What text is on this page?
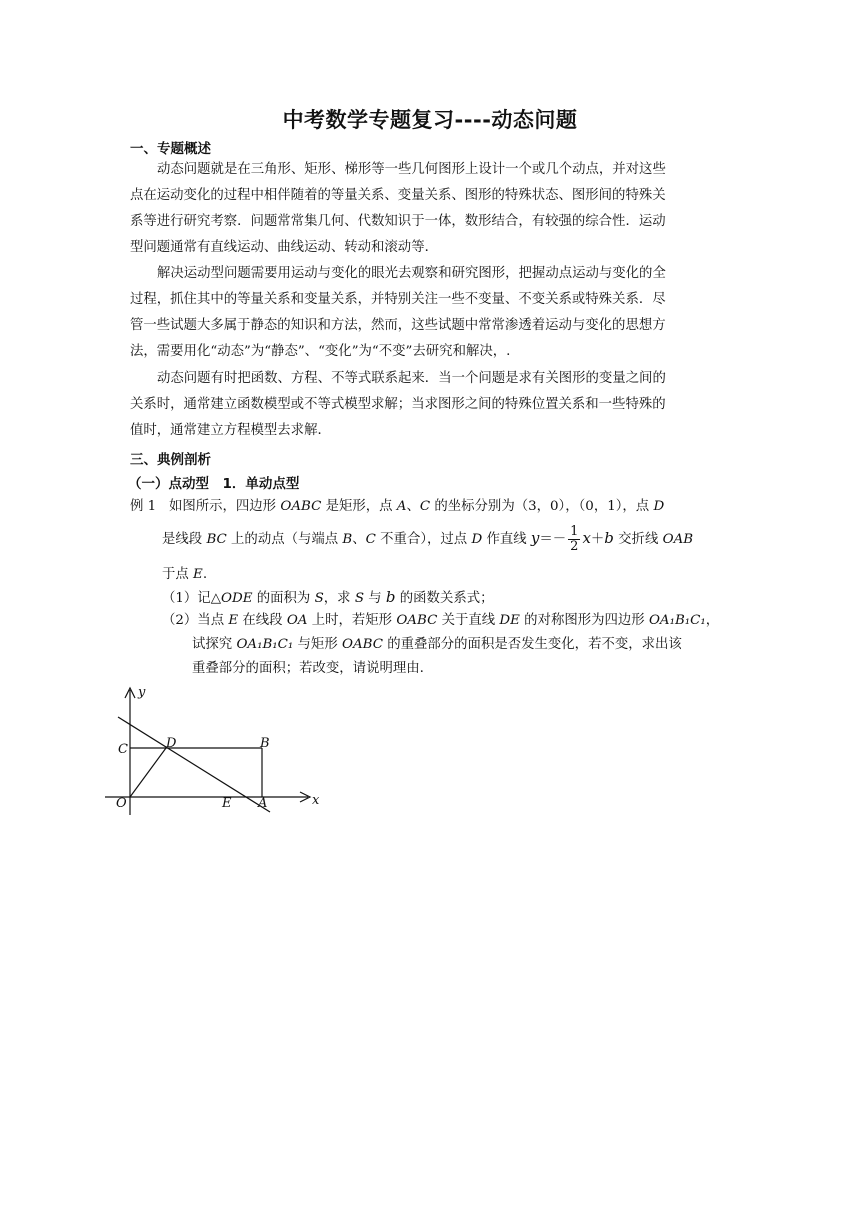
中考数学专题复习----动态问题
一、专题概述
动态问题就是在三角形、矩形、梯形等一些几何图形上设计一个或几个动点，并对这些
点在运动变化的过程中相伴随着的等量关系、变量关系、图形的特殊状态、图形间的特殊关
系等进行研究考察．问题常常集几何、代数知识于一体，数形结合，有较强的综合性．运动
型问题通常有直线运动、曲线运动、转动和滚动等．
解决运动型问题需要用运动与变化的眼光去观察和研究图形，把握动点运动与变化的全
过程，抓住其中的等量关系和变量关系，并特别关注一些不变量、不变关系或特殊关系．尽
管一些试题大多属于静态的知识和方法，然而，这些试题中常常渗透着运动与变化的思想方
法，需要用化“动态”为“静态”、“变化”为“不变”去研究和解决，.
动态问题有时把函数、方程、不等式联系起来．当一个问题是求有关图形的变量之间的
关系时，通常建立函数模型或不等式模型求解；当求图形之间的特殊位置关系和一些特殊的
值时，通常建立方程模型去求解．
三、典例剖析
（一）点动型　1．单动点型
例 1 如图所示，四边形 OABC 是矩形，点 A、C 的坐标分别为（3，0），（0，1），点 D
是线段 BC 上的动点（与端点 B、C 不重合），过点 D 作直线 $y=- \frac{1}{2} x+b$ 交折线 OAB
于点 E.
（1）记△ODE 的面积为 S，求 S 与 b 的函数关系式；
（2）当点 E 在线段 OA 上时，若矩形 OABC 关于直线 DE 的对称图形为四边形 OA₁B₁C₁，
试探究 OA₁B₁C₁ 与矩形 OABC 的重叠部分的面积是否发生变化，若不变，求出该
重叠部分的面积；若改变，请说明理由.
y
x
O
C	D	B
E A
